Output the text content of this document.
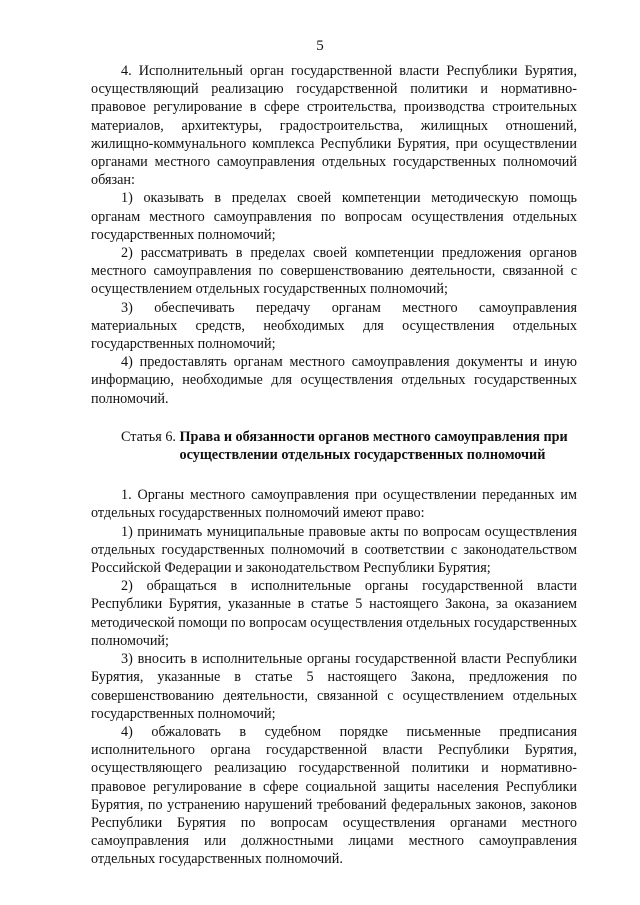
5

4. Исполнительный орган государственной власти Республики Бурятия, осуществляющий реализацию государственной политики и нормативно-правовое регулирование в сфере строительства, производства строительных материалов, архитектуры, градостроительства, жилищных отношений, жилищно-коммунального комплекса Республики Бурятия, при осуществлении органами местного самоуправления отдельных государственных полномочий обязан:

1) оказывать в пределах своей компетенции методическую помощь органам местного самоуправления по вопросам осуществления отдельных государственных полномочий;

2) рассматривать в пределах своей компетенции предложения органов местного самоуправления по совершенствованию деятельности, связанной с осуществлением отдельных государственных полномочий;

3) обеспечивать передачу органам местного самоуправления материальных средств, необходимых для осуществления отдельных государственных полномочий;

4) предоставлять органам местного самоуправления документы и иную информацию, необходимые для осуществления отдельных государственных полномочий.

Статья 6. Права и обязанности органов местного самоуправления при осуществлении отдельных государственных полномочий

1. Органы местного самоуправления при осуществлении переданных им отдельных государственных полномочий имеют право:

1) принимать муниципальные правовые акты по вопросам осуществления отдельных государственных полномочий в соответствии с законодательством Российской Федерации и законодательством Республики Бурятия;

2) обращаться в исполнительные органы государственной власти Республики Бурятия, указанные в статье 5 настоящего Закона, за оказанием методической помощи по вопросам осуществления отдельных государственных полномочий;

3) вносить в исполнительные органы государственной власти Республики Бурятия, указанные в статье 5 настоящего Закона, предложения по совершенствованию деятельности, связанной с осуществлением отдельных государственных полномочий;

4) обжаловать в судебном порядке письменные предписания исполнительного органа государственной власти Республики Бурятия, осуществляющего реализацию государственной политики и нормативно-правовое регулирование в сфере социальной защиты населения Республики Бурятия, по устранению нарушений требований федеральных законов, законов Республики Бурятия по вопросам осуществления органами местного самоуправления или должностными лицами местного самоуправления отдельных государственных полномочий.
